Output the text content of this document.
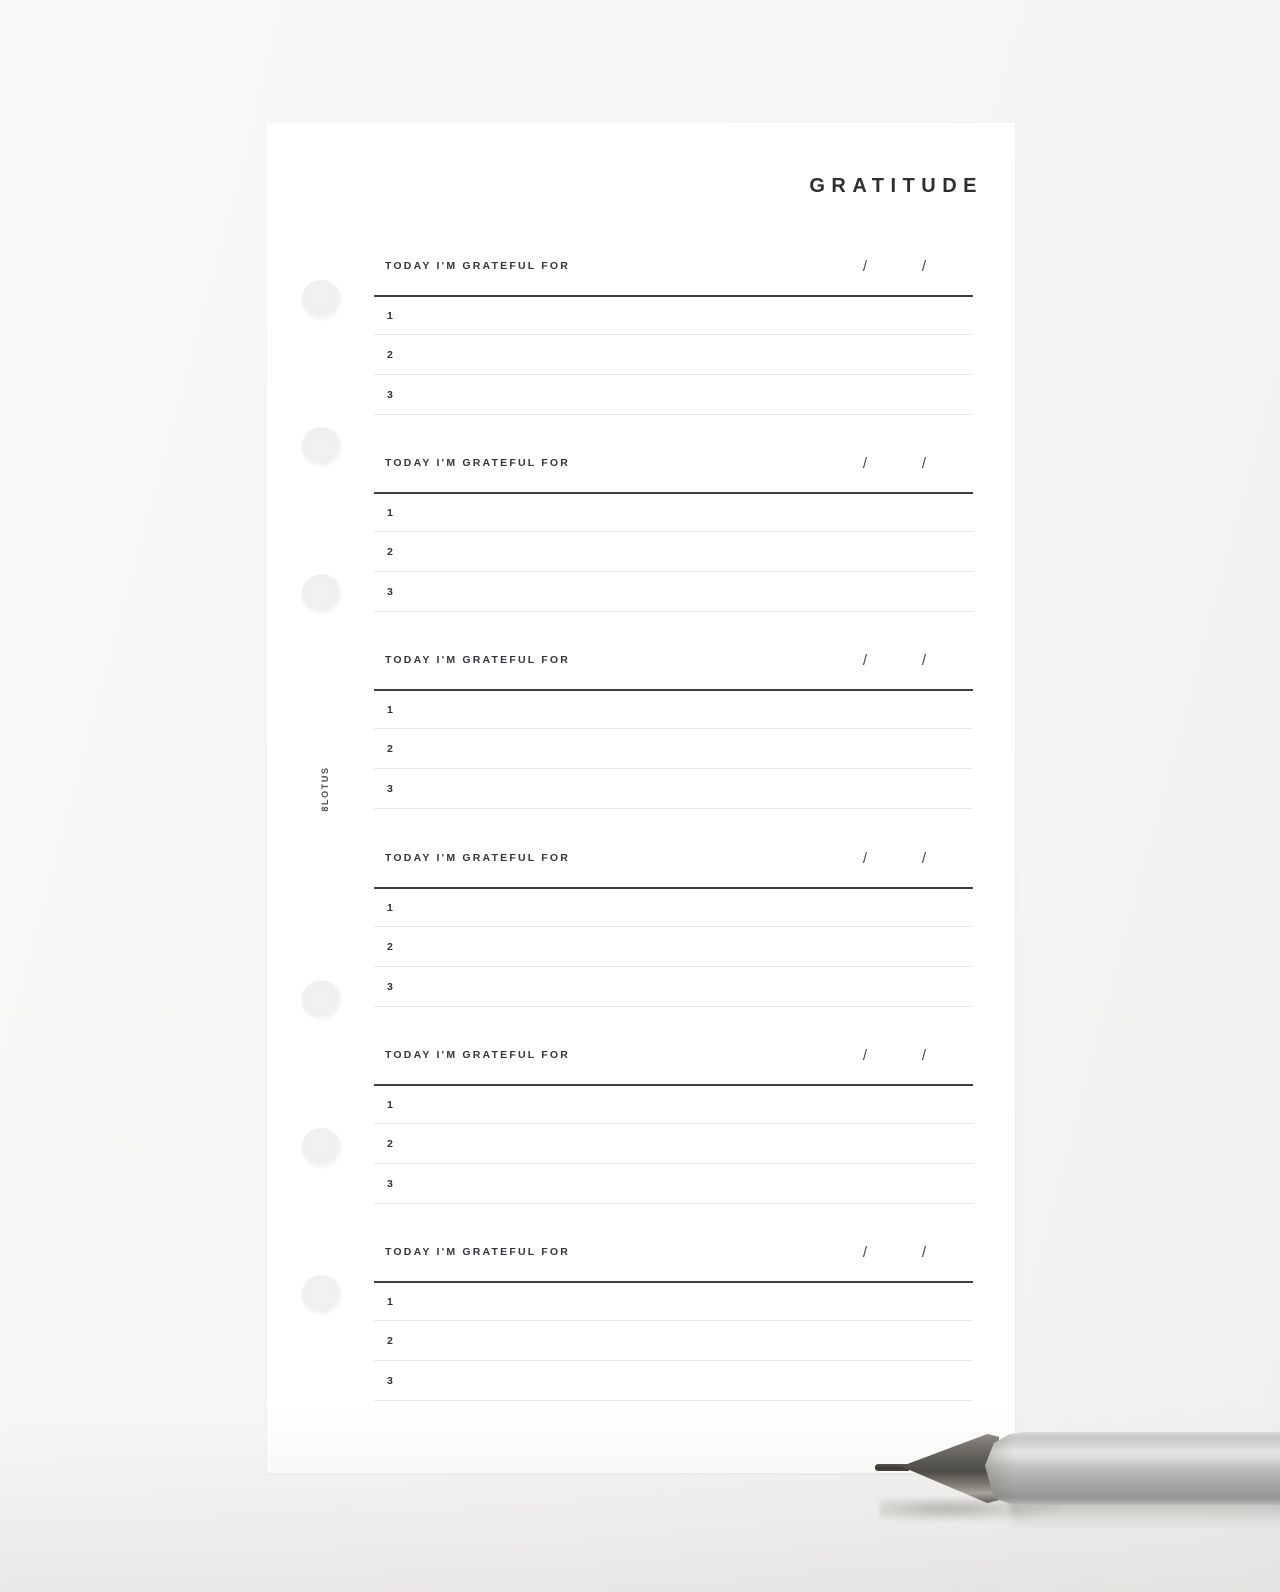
GRATITUDE
8LOTUS
TODAY I'M GRATEFUL FOR	/	/
1
2
3
TODAY I'M GRATEFUL FOR	/	/
1
2
3
TODAY I'M GRATEFUL FOR	/	/
1
2
3
TODAY I'M GRATEFUL FOR	/	/
1
2
3
TODAY I'M GRATEFUL FOR	/	/
1
2
3
TODAY I'M GRATEFUL FOR	/	/
1
2
3
